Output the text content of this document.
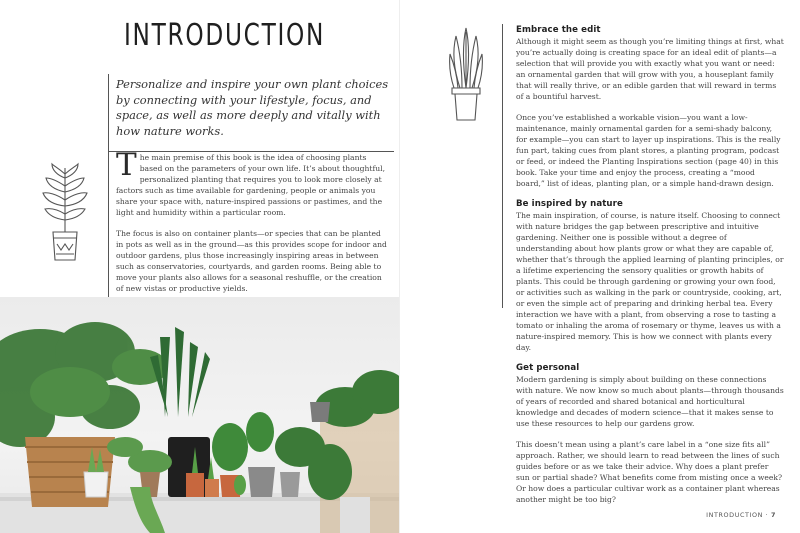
INTRODUCTION

Personalize and inspire your own plant choices by connecting with your lifestyle, focus, and space, as well as more deeply and vitally with how nature works.

The main premise of this book is the idea of choosing plants based on the parameters of your own life. It’s about thoughtful, personalized planting that requires you to look more closely at factors such as time available for gardening, people or animals you share your space with, nature-inspired passions or pastimes, and the light and humidity within a particular room.

The focus is also on container plants—or species that can be planted in pots as well as in the ground—as this provides scope for indoor and outdoor gardens, plus those increasingly inspiring areas in between such as conservatories, courtyards, and garden rooms. Being able to move your plants also allows for a seasonal reshuffle, or the creation of new vistas or productive yields.

INTRODUCTION · 7
Embrace the edit

Although it might seem as though you’re limiting things at first, what you’re actually doing is creating space for an ideal edit of plants—a selection that will provide you with exactly what you want or need: an ornamental garden that will grow with you, a houseplant family that will really thrive, or an edible garden that will reward in terms of a bountiful harvest.

Once you’ve established a workable vision—you want a low-maintenance, mainly ornamental garden for a semi-shady balcony, for example—you can start to layer up inspirations. This is the really fun part, taking cues from plant stores, a planting program, podcast or feed, or indeed the Planting Inspirations section (page 40) in this book. Take your time and enjoy the process, creating a “mood board,” list of ideas, planting plan, or a simple hand-drawn design.

Be inspired by nature

The main inspiration, of course, is nature itself. Choosing to connect with nature bridges the gap between prescriptive and intuitive gardening. Neither one is possible without a degree of understanding about how plants grow or what they are capable of, whether that’s through the applied learning of planting principles, or a lifetime experiencing the sensory qualities or growth habits of plants. This could be through gardening or growing your own food, or activities such as walking in the park or countryside, cooking, art, or even the simple act of preparing and drinking herbal tea. Every interaction we have with a plant, from observing a rose to tasting a tomato or inhaling the aroma of rosemary or thyme, leaves us with a nature-inspired memory. This is how we connect with plants every day.

Get personal

Modern gardening is simply about building on these connections with nature. We now know so much about plants—through thousands of years of recorded and shared botanical and horticultural knowledge and decades of modern science—that it makes sense to use these resources to help our gardens grow.

This doesn’t mean using a plant’s care label in a “one size fits all” approach. Rather, we should learn to read between the lines of such guides before or as we take their advice. Why does a plant prefer sun or partial shade? What benefits come from misting once a week? Or how does a particular cultivar work as a container plant whereas another might be too big?
